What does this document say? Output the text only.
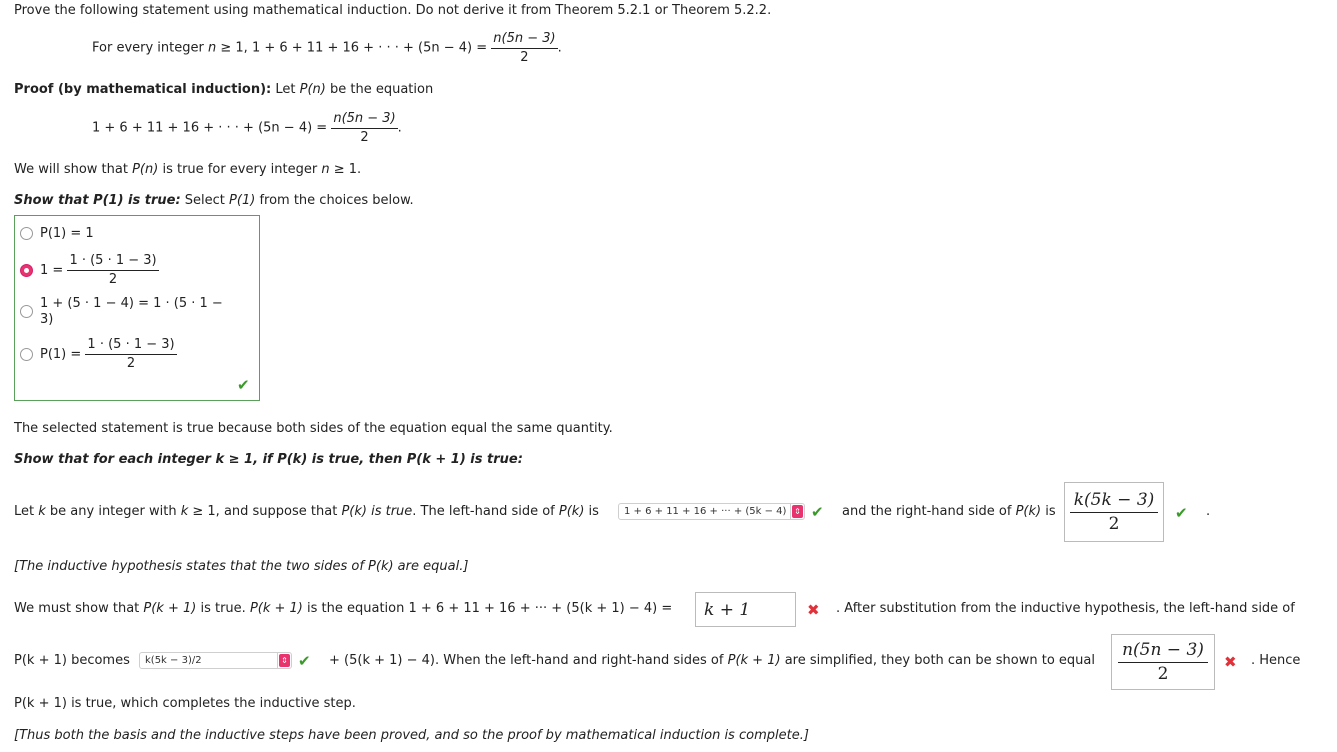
Prove the following statement using mathematical induction. Do not derive it from Theorem 5.2.1 or Theorem 5.2.2.
For every integer n ≥ 1, 1 + 6 + 11 + 16 + · · · + $(5n - 4) = \frac{n(5n - 3)}{2}$ .
Proof (by mathematical induction): Let P(n) be the equation
1 + 6 + 11 + 16 + · · · + $(5n - 4) = \frac{n(5n - 3)}{2}$ .
We will show that P(n) is true for every integer n ≥ 1.
Show that P(1) is true: Select P(1) from the choices below.
P(1) = 1
1 =
$\frac{1 \cdot (5 \cdot 1 - 3)}{2}$
1 + (5 · 1 − 4) = 1 · (5 · 1 −
3)
P(1) =
$\frac{1 \cdot (5 \cdot 1 - 3)}{2}$
✔
The selected statement is true because both sides of the equation equal the same quantity.
Show that for each integer k ≥ 1, if P(k) is true, then P(k + 1) is true:
Let k be any integer with k ≥ 1, and suppose that P(k) is true. The left-hand side of P(k) is	1 + 6 + 11 + 16 + ··· + (5k − 4) ⇕ ✔ and the right-hand side of P(k) is $\frac{k(5k - 3)}{2}$ ✔ .
[The inductive hypothesis states that the two sides of P(k) are equal.]
We must show that P(k + 1) is true. P(k + 1) is the equation 1 + 6 + 11 + 16 + ··· + (5(k + 1) − 4) = k + 1	✖ . After substitution from the inductive hypothesis, the left-hand side of
P(k + 1) becomes k(5k − 3)/2	⇕ ✔ + (5(k + 1) − 4). When the left-hand and right-hand sides of P(k + 1) are simplified, they both can be shown to equal $\frac{n(5n - 3)}{2}$ ✖ . Hence
P(k + 1) is true, which completes the inductive step.
[Thus both the basis and the inductive steps have been proved, and so the proof by mathematical induction is complete.]
